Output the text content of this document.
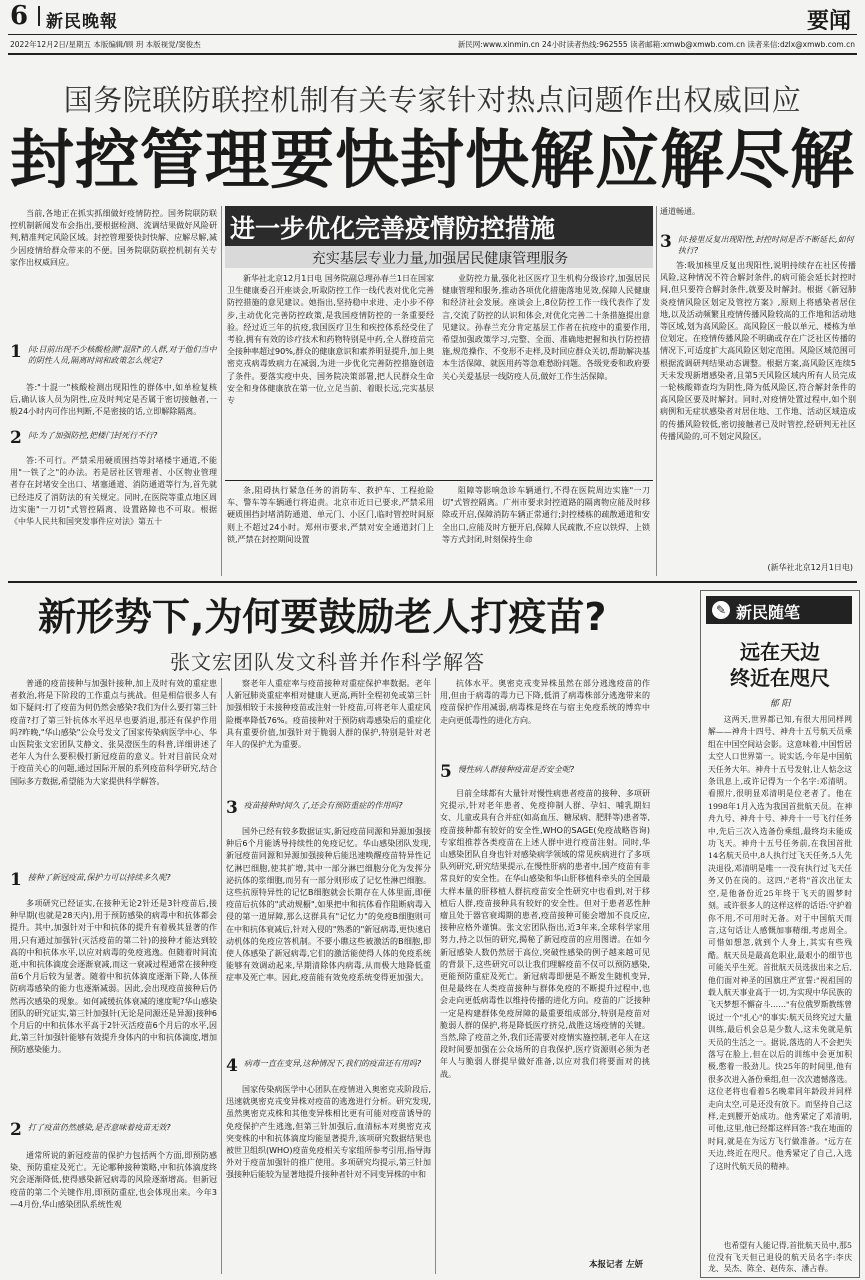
6 新民晚報	要闻
2022年12月2日/星期五 本版编辑/顾 玥 本版视觉/窦俊杰	新民网:www.xinmin.cn 24小时读者热线:962555 读者邮箱:xmwb@xmwb.com.cn 读者来信:dzlx@xmwb.com.cn
国务院联防联控机制有关专家针对热点问题作出权威回应
封控管理要快封快解应解尽解

当前,各地正在抓实抓细做好疫情防控。国务院联防联控机制新闻发布会指出,要根据检测、流调结果做好风险研判,精准判定风险区域。封控管理要快封快解、应解尽解,减少因疫情给群众带来的不便。国务院联防联控机制有关专家作出权威回应。

1 问:目前出现不少核酸检测"混阳"的人群,对于他们当中的阴性人员,隔离时间和政策怎么规定?

答:"十混一"核酸检测出现阳性的群体中,如单检复核后,确认该人员为阴性,应及时判定是否属于密切接触者,一般24小时内可作出判断,不是密接的话,立即解除隔离。

2 问:为了加强防控,把楼门封死行不行?

答:不可行。严禁采用硬质围挡等封堵楼宇通道,不能用"一铁了之"的办法。若是居社区管理者、小区物业管理者存在封堵安全出口、堵塞通道、消防通道等行为,首先就已经违反了消防法的有关规定。同时,在医院等重点地区周边实施"一刀切"式管控隔离、设置路障也不可取。根据《中华人民共和国突发事件应对法》第五十

进一步优化完善疫情防控措施
充实基层专业力量,加强居民健康管理服务

新华社北京12月1日电 国务院副总理孙春兰1日在国家卫生健康委召开座谈会,听取防控工作一线代表对优化完善防控措施的意见建议。她指出,坚持稳中求进、走小步不停步,主动优化完善防控政策,是我国疫情防控的一条重要经验。经过近三年的抗疫,我国医疗卫生和疾控体系经受住了考验,拥有有效的诊疗技术和药物特别是中药,全人群疫苗完全接种率超过90%,群众的健康意识和素养明显提升,加上奥密克戎病毒致病力在减弱,为进一步优化完善防控措施创造了条件。要落实疫中央、国务院决策部署,把人民群众生命安全和身体健康放在第一位,立足当前、着眼长远,完实基层专

业防控力量,强化社区医疗卫生机构分级诊疗,加强居民健康管理和服务,推动各项优化措施落地见效,保障人民健康和经济社会发展。座谈会上,8位防控工作一线代表作了发言,交流了防控的认识和体会,对优化完善二十条措施提出意见建议。孙春兰充分肯定基层工作者在抗疫中的重要作用,希望加强政策学习,完整、全面、准确地把握和执行防控措施,规范操作、不变形不走样,及时回应群众关切,帮助解决基本生活保障、就医用药等急难愁盼问题。各级党委和政府要关心关爱基层一线防疫人员,做好工作生活保障。

条,阻碍执行紧急任务的消防车、救护车、工程抢险车、警车等车辆通行将追责。北京市近日已要求,严禁采用硬质围挡封堵消防通道、单元门、小区门,临时管控时间原则上不超过24小时。郑州市要求,严禁对安全通道封门上锁,严禁在封控期间设置

阻障等影响急诊车辆通行,不得在医院周边实施"一刀切"式管控隔离。广州市要求封控道路的隔离物应能及时移除或开启,保障消防车辆正常通行;封控楼栋的疏散通道和安全出口,应能及时方便开启,保障人民疏散,不应以铁焊、上锁等方式封闭,时刻保持生命

通道畅通。

3 问:接里反复出现阳性,封控时间是否不断延长,如何执行?

答:吸加核里反复出现阳性,说明持续存在社区传播风险,这种情况不符合解封条件,的病可能会延长封控时间,但只要符合解封条件,就要及时解封。根据《新冠肺炎疫情风险区划定及管控方案》,原则上将感染者居住地,以及活动频繁且疫情传播风险较高的工作地和活动地等区域,划为高风险区。高风险区一般以单元、楼栋为单位划定。在疫情传播风险不明确或存在广泛社区传播的情况下,可适度扩大高风险区划定范围。风险区域范围可根据流调研判结果动态调整。根据方案,高风险区连续5天未发现新增感染者,且第5天风险区域内所有人员完成一轮核酸筛查均为阴性,降为低风险区,符合解封条件的高风险区要及时解封。同时,对疫情处置过程中,如个别病例和无症状感染者对居住地、工作地、活动区域造成的传播风险较低,密切接触者已及时管控,经研判无社区传播风险的,可不划定风险区。

(新华社北京12月1日电)
新形势下,为何要鼓励老人打疫苗?
张文宏团队发文科普并作科学解答

普通的疫苗接种与加强针接种,加上及时有效的重症患者救治,将是下阶段的工作重点与挑战。但是相信很多人有如下疑问:打了疫苗为何仍然会感染?我们为什么要打第三针疫苗?打了第三针抗体水平迟早也要消退,那还有保护作用吗?昨晚,"华山感染"公众号发文了国家传染病医学中心、华山医院张文宏团队艾静文、张昊澄医生的科普,详细讲述了老年人为什么要积极打新冠疫苗的意义。针对目前民众对于疫苗关心的问题,通过国际开展的系列疫苗科学研究,结合国际多方数据,希望能为大家提供科学解答。

1 接种了新冠疫苗,保护力可以持续多久呢?

多项研究已经证实,在接种无论2针还是3针疫苗后,接种早期(也就是28天内),用于预防感染的病毒中和抗体都会提升。其中,加强针对于中和抗体的提升有着极其显著的作用,只有通过加强针(灭活疫苗的第二针)的接种才能达到较高的中和抗体水平,以应对病毒的免疫逃逸。但随着时间流逝,中和抗体滴度会逐渐衰减,而这一衰减过程通常在接种疫苗6个月后较为显著。随着中和抗体滴度逐渐下降,人体预防病毒感染的能力也逐渐减弱。因此,会出现疫苗接种后仍然再次感染的现象。如何减缓抗体衰减的速度呢?华山感染团队的研究证实,第三针加强针(无论是同源还是异源)接种6个月后的中和抗体水平高于2针灭活疫苗6个月后的水平,因此,第三针加强针能够有效提升身体内的中和抗体滴度,增加预防感染能力。

2 打了疫苗仍然感染,是否意味着疫苗无效?

通常所说的新冠疫苗的保护力包括两个方面,即预防感染、预防重症及死亡。无论哪种接种策略,中和抗体滴度终究会逐渐降低,使得感染新冠病毒的风险逐渐增高。但新冠疫苗的第二个关键作用,即预防重症,也会体现出来。今年3—4月份,华山感染团队系统性观

察老年人重症率与疫苗接种对重症保护率数据。老年人新冠肺炎重症率相对健康人更高,两针全程初免或第三针加强相较于未接种疫苗或注射一针疫苗,可将老年人重症风险概率降低76%。疫苗接种对于预防病毒感染后的重症化具有重要价值,加强针对于脆弱人群的保护,特别是针对老年人的保护尤为重要。

3 疫苗接种时间久了,还会有预防重症的作用吗?

国外已经有较多数据证实,新冠疫苗同源和异源加强接种后6个月能诱导持续性的免疫记忆。华山感染团队发现,新冠疫苗同源和异源加强接种后能迅速唤醒疫苗特异性记忆淋巴细胞,使其扩增,其中一部分淋巴细胞分化为发挥分泌抗体的浆细胞,而另有一部分则形成了记忆性淋巴细胞。这些抗原特异性的记忆B细胞就会长期存在人体里面,即便疫苗后抗体的"武动规橱",如果把中和抗体看作阻断病毒入侵的第一道屏障,那么这群具有"记忆力"的免疫B细胞则可在中和抗体衰减后,针对入侵的"熟悉的"新冠病毒,更快速启动机体的免疫应答机制。不要小瞧这些被激活的B细胞,即使人体感染了新冠病毒,它们的激活能使得人体的免疫系统能够有效调动起来,早期清除体内病毒,从而极大地降低重症率及死亡率。因此,疫苗能有效免疫系统变得更加强大。

4 病毒一直在变异,这种情况下,我们的疫苗还有用吗?

国家传染病医学中心团队在疫情进入奥密克戎阶段后,迅速就奥密克戎变异株对疫苗的逃逸进行分析。研究发现,虽然奥密克戎株和其他变异株相比更有可能对疫苗诱导的免疫保护产生逃逸,但第三针加强后,血清标本对奥密克戎突变株的中和抗体滴度均能显著提升,该项研究数据结果也被世卫组织(WHO)疫苗免疫相关专家组所参考引用,指导海外对于疫苗加强针的推广使用。多项研究均提示,第三针加强接种后能较为显著地提升接种者针对不同变异株的中和

抗体水平。奥密克戎变异株虽然在部分逃逸疫苗的作用,但由于病毒的毒力已下降,低消了病毒株部分逃逸带来的疫苗保护作用减弱,病毒株是终在与宿主免疫系统的博弈中走向更低毒性的进化方向。

5 慢性病人群接种疫苗是否安全呢?

目前全球都有大量针对慢性病患者疫苗的接种、多项研究提示,针对老年患者、免疫抑制人群、孕妇、哺乳期妇女、儿童或具有合并症(如高血压、糖尿病、肥胖等)患者等,疫苗接种都有较好的安全性,WHO的SAGE(免疫战略咨询)专家组推荐各类疫苗在上述人群中进行疫苗注射。同时,华山感染团队自身也针对感染病学领域的常见疾病进行了多项队列研究,研究结果提示,在慢性肝病的患者中,国产疫苗有非常良好的安全性。在华山感染和华山肝移植科牵头的全国最大样本量的肝移植人群抗疫苗安全性研究中也看到,对于移植后人群,疫苗接种具有较好的安全性。但对于患者恶性肿瘤且处于器官衰竭期的患者,疫苗接种可能会增加不良反应,接种应格外谨慎。张文宏团队指出,近3年来,全球科学家用努力,持之以恒的研究,揭秘了新冠疫苗的应用图谱。在如今新冠感染人数仍然居于高位,突破性感染的例子越来越可见的背景下,这些研究可以让我们理解疫苗不仅可以预防感染,更能预防重症及死亡。新冠病毒即便是不断发生随机变异,但是最终在人类疫苗接种与群体免疫的不断提升过程中,也会走向更低病毒性以维持传播的进化方向。疫苗的广泛接种一定是构建群体免疫屏障的最重要组成部分,特别是疫苗对脆弱人群的保护,将是降低医疗挤兑,战胜这场疫情的关键。当然,除了疫苗之外,我们还需要对疫情实施控制,老年人在这段时间要加强在公众场所的自我保护,医疗资源则必须为老年人与脆弱人群提早做好准备,以应对我们将要面对的挑战。

本报记者 左妍
✎ 新民随笔
远在天边
终近在咫尺
郁 阳

这两天,世界都已知,有很大用同样网解——神舟十四号、神舟十五号航天员乘组在中国空间站会影。这意味着,中国哲居太空人口世界第一。说实话,今年是中国航天任务大年。神舟十五号发射,让人惦念这条讯息上,或许记得为一个名字:邓清明。看照片,很明显邓清明是位老者了。他在1998年1月入选为我国首批航天员。在神舟九号、神舟十号、神舟十一号飞行任务中,先后三次入选备份乘组,最终均未能成功飞天。神舟十五号任务前,在我国首批14名航天员中,8人执行过飞天任务,5人先决退役,邓清明是唯一一没有执行过飞天任务又仍在岗的。这四,"老将"首次出征太空,是他备份近25年终于飞天的圆梦时刻。或许很多人的这样这样的话语:守护着你不用,不可用时无备。对于中国航天而言,这句话让人感慨加事精细,考虑周全。可惜如想忽,就到个人身上,其实有些残酷。航天员是最高危职业,最艰小的细节也可能关乎生死。首批航天员选拔出来之后,他们面对神圣的国旗庄严宣誓:"视祖国的载人航天事业高于一切,为实现中华民族的飞天梦想不懈奋斗……"有位俄罗斯教练曾说过一个"扎心"的事实:航天员终究过大量训练,最后机会总是少数人,这未免就是航天员的生活之一。据说,落选的人不会把失落写在脸上,但在以后的训练中会更加积极,憋着一股劲儿。快25年的时间里,他有很多次进入备份乘组,但一次次遗憾落选。这位老将也看着5名晚辈同年龄段并同样走向太空,可是还没有放下。而坚持自己这样,走到腰开始成功。他秀紧定了邓清明,可他,这里,他已经都这样回答:"我在地面的时间,就是在为远方飞行做准备。"远方在天边,终近在咫尺。他秀紧定了自己,入选了这时代航天员的精神。

也希望有人能记得,首批航天员中,那5位没有飞天但已退役的航天员名字:李庆龙、吴杰、陈全、赵传东、潘占春。
